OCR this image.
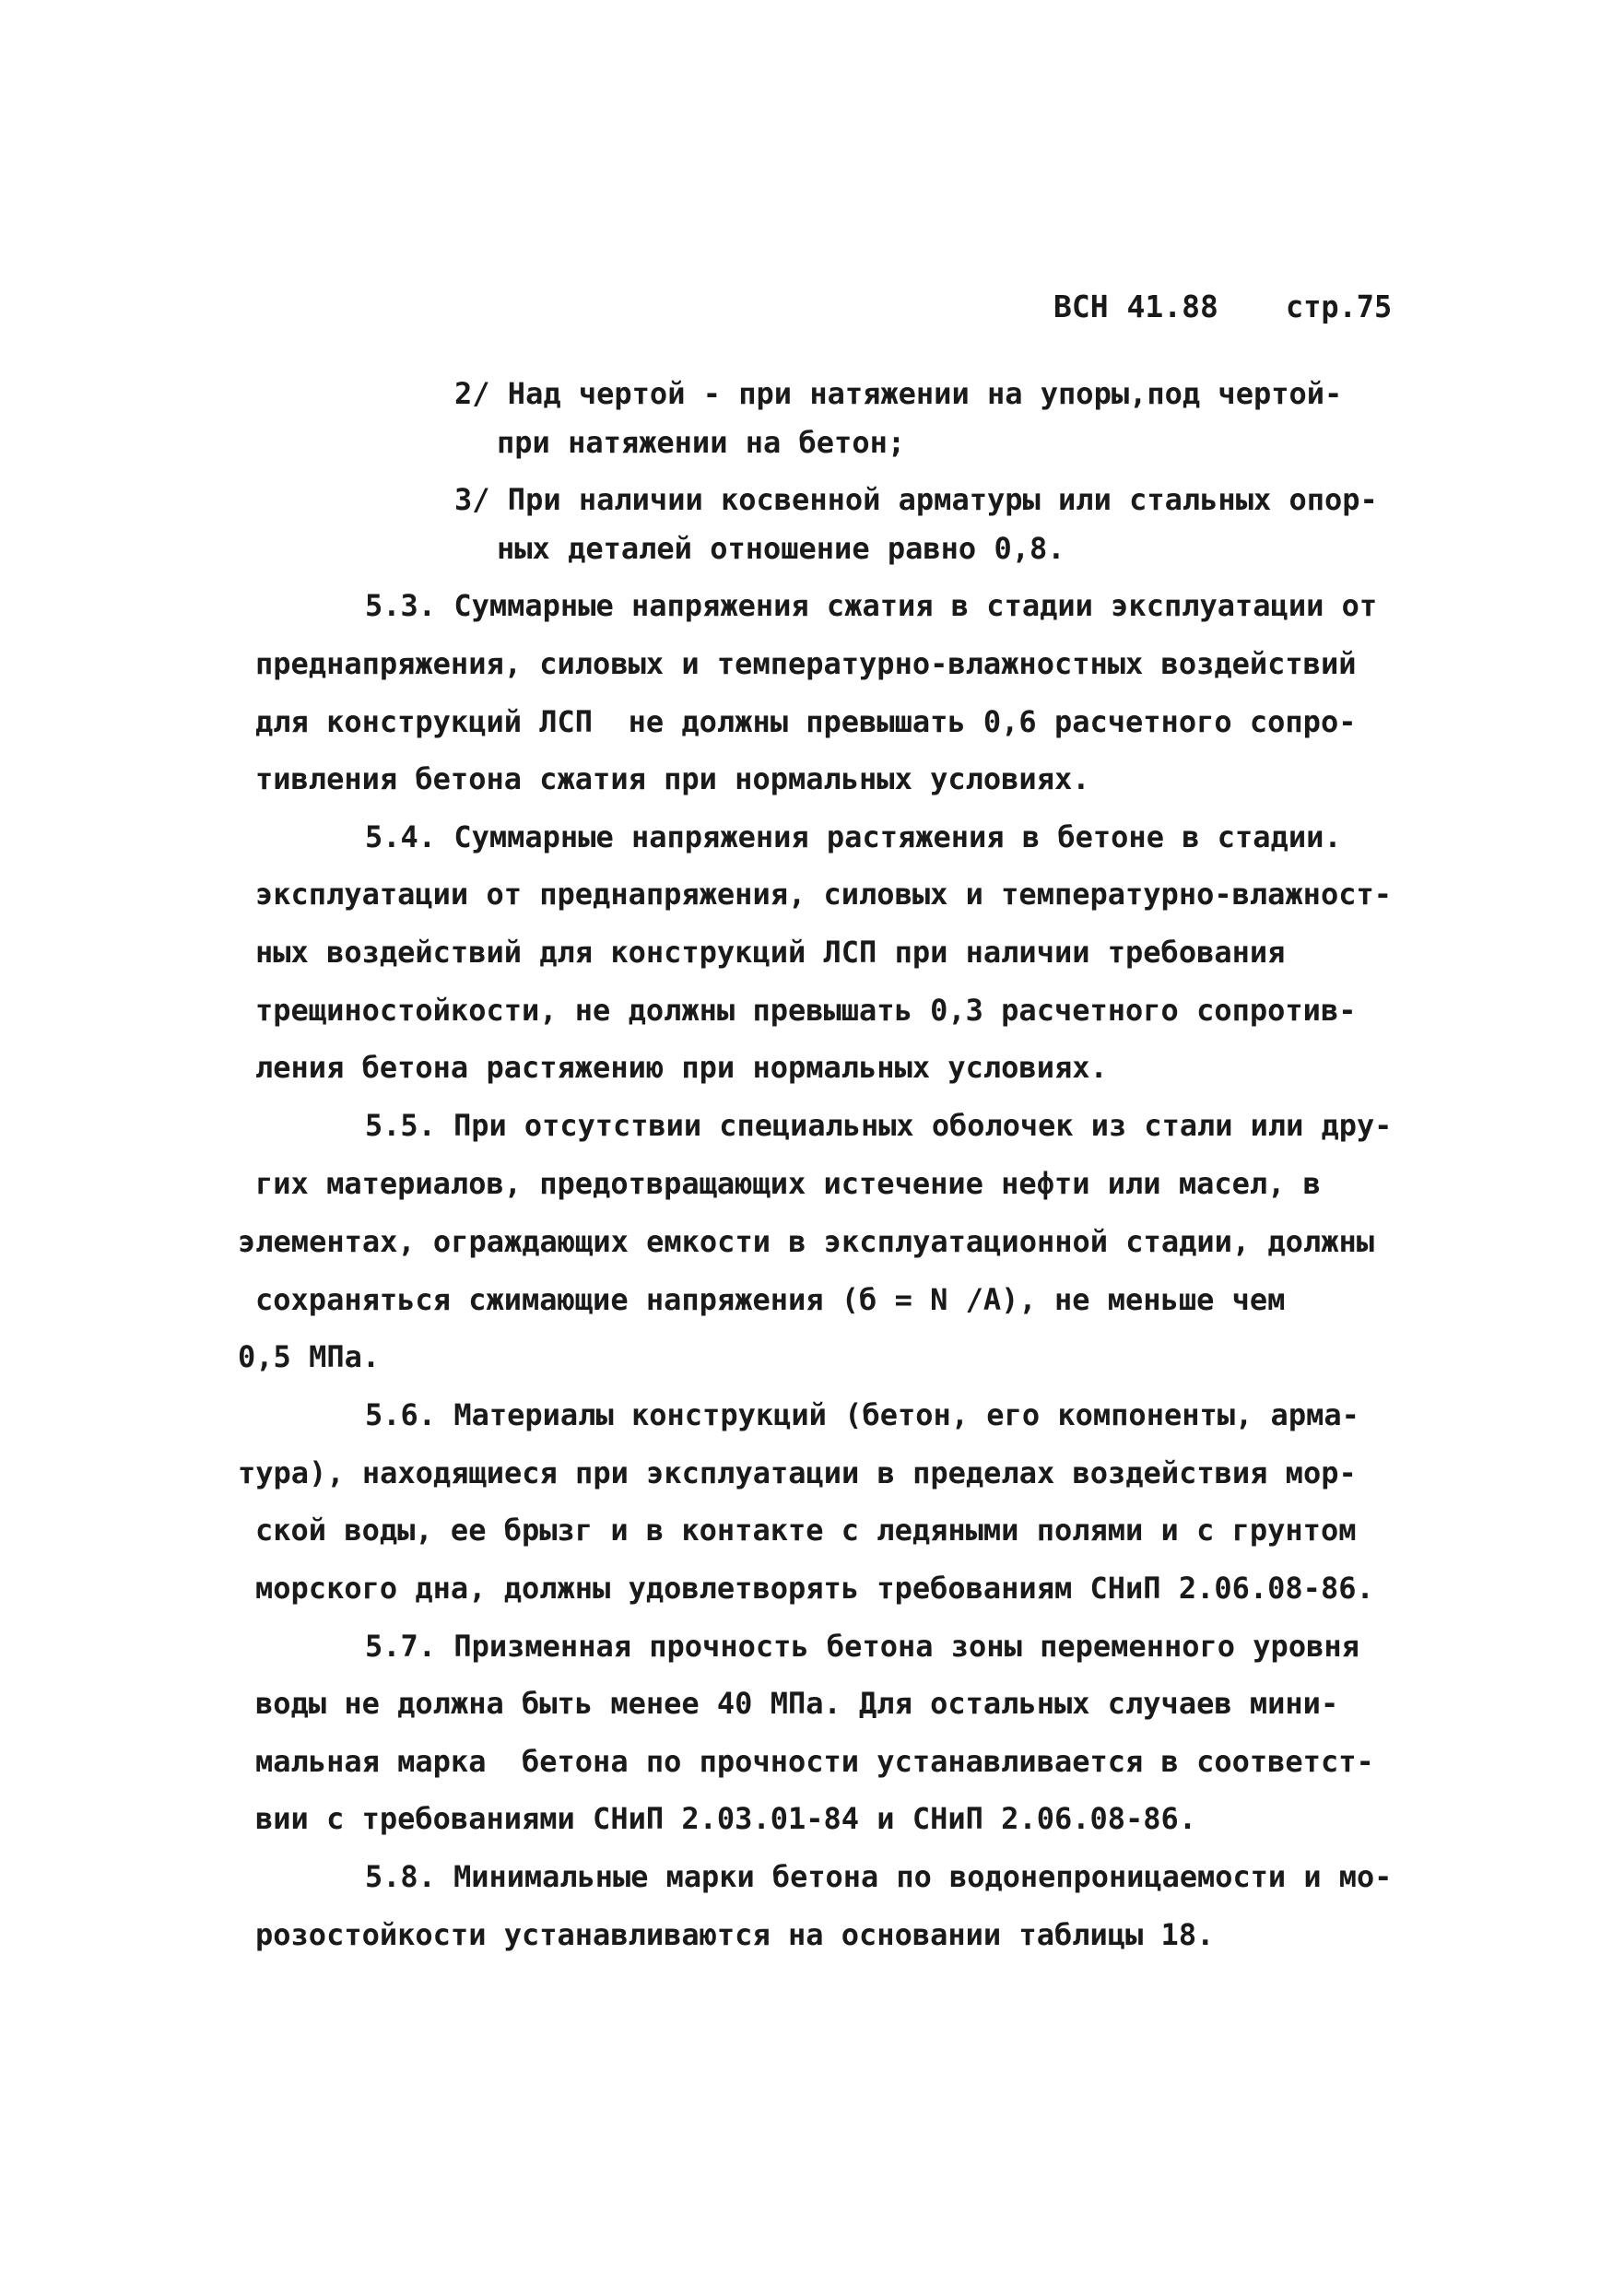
ВСН 41.88 стр.75
2/ Над чертой - при натяжении на упоры,под чертой-
при натяжении на бетон;
3/ При наличии косвенной арматуры или стальных опор-
ных деталей отношение равно 0,8.
5.3. Суммарные напряжения сжатия в стадии эксплуатации от
преднапряжения, силовых и температурно-влажностных воздействий
для конструкций ЛСП  не должны превышать 0,6 расчетного сопро-
тивления бетона сжатия при нормальных условиях.
5.4. Суммарные напряжения растяжения в бетоне в стадии.
эксплуатации от преднапряжения, силовых и температурно-влажност-
ных воздействий для конструкций ЛСП при наличии требования
трещиностойкости, не должны превышать 0,3 расчетного сопротив-
ления бетона растяжению при нормальных условиях.
5.5. При отсутствии специальных оболочек из стали или дру-
гих материалов, предотвращающих истечение нефти или масел, в
элементах, ограждающих емкости в эксплуатационной стадии, должны
сохраняться сжимающие напряжения (б = N /A), не меньше чем
0,5 МПа.
5.6. Материалы конструкций (бетон, его компоненты, арма-
тура), находящиеся при эксплуатации в пределах воздействия мор-
ской воды, ее брызг и в контакте с ледяными полями и с грунтом
морского дна, должны удовлетворять требованиям СНиП 2.06.08-86.
5.7. Призменная прочность бетона зоны переменного уровня
воды не должна быть менее 40 МПа. Для остальных случаев мини-
мальная марка  бетона по прочности устанавливается в соответст-
вии с требованиями СНиП 2.03.01-84 и СНиП 2.06.08-86.
5.8. Минимальные марки бетона по водонепроницаемости и мо-
розостойкости устанавливаются на основании таблицы 18.
